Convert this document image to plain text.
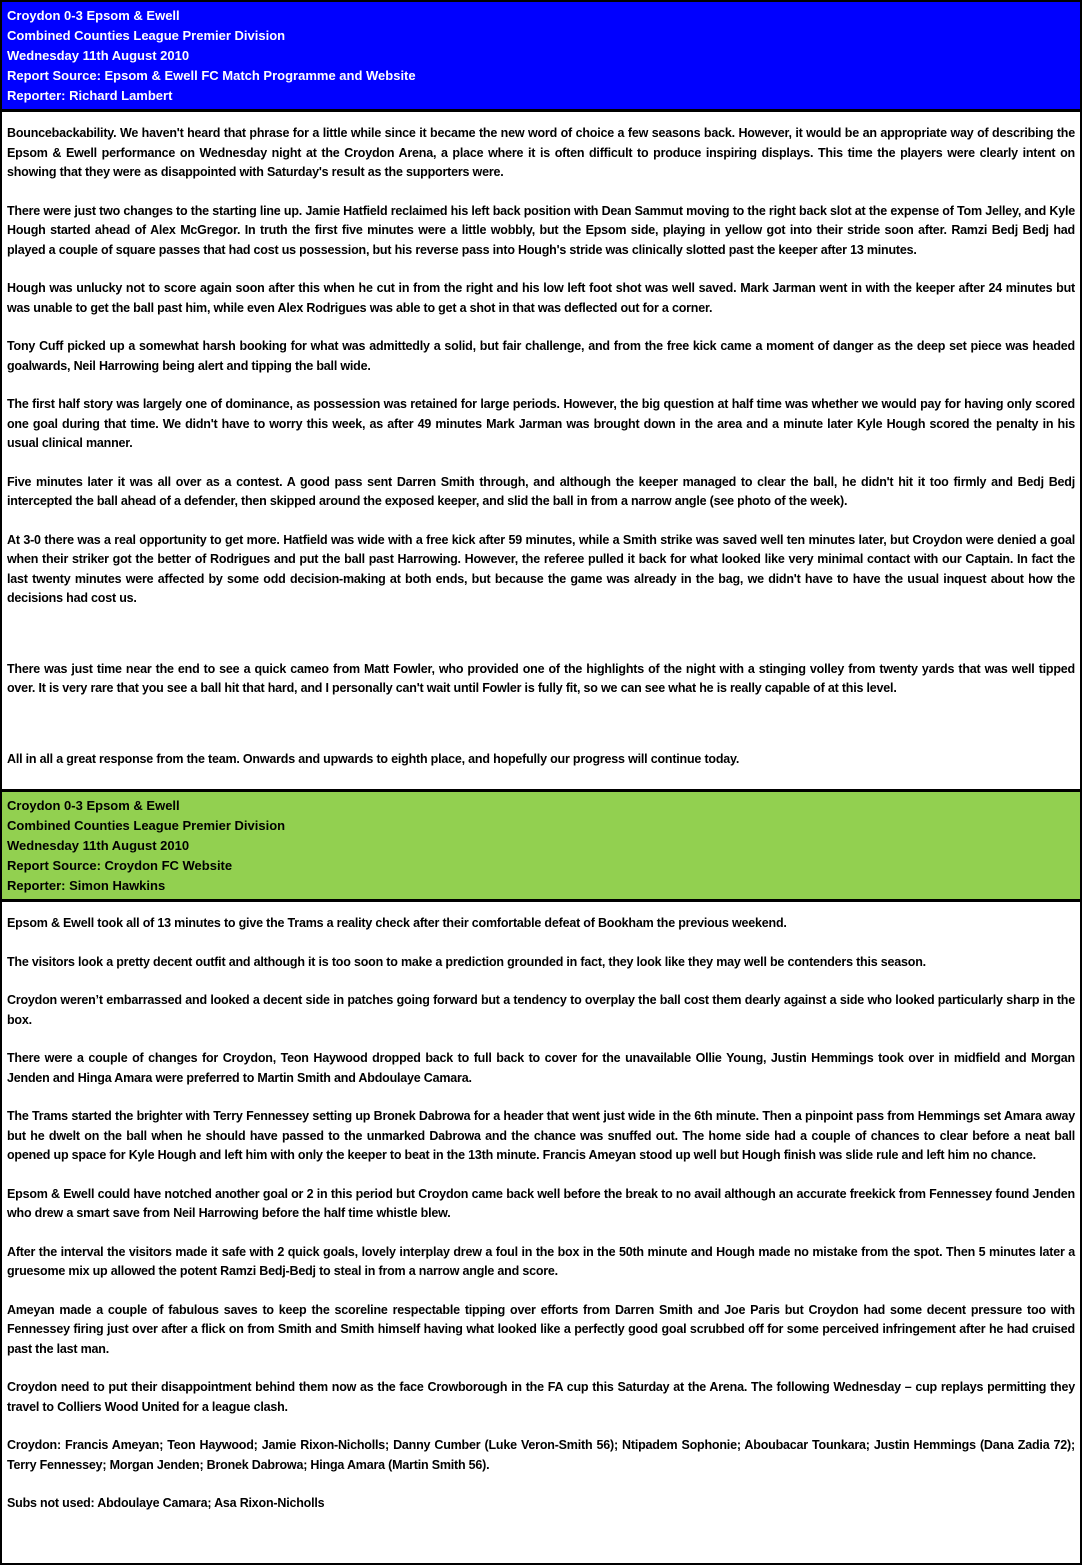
Croydon 0-3 Epsom & Ewell
Combined Counties League Premier Division
Wednesday 11th August 2010
Report Source: Epsom & Ewell FC Match Programme and Website
Reporter: Richard Lambert

Bouncebackability. We haven't heard that phrase for a little while since it became the new word of choice a few seasons back. However, it would be an appropriate way of describing the Epsom & Ewell performance on Wednesday night at the Croydon Arena, a place where it is often difficult to produce inspiring displays. This time the players were clearly intent on showing that they were as disappointed with Saturday's result as the supporters were.

There were just two changes to the starting line up. Jamie Hatfield reclaimed his left back position with Dean Sammut moving to the right back slot at the expense of Tom Jelley, and Kyle Hough started ahead of Alex McGregor. In truth the first five minutes were a little wobbly, but the Epsom side, playing in yellow got into their stride soon after. Ramzi Bedj Bedj had played a couple of square passes that had cost us possession, but his reverse pass into Hough's stride was clinically slotted past the keeper after 13 minutes.

Hough was unlucky not to score again soon after this when he cut in from the right and his low left foot shot was well saved. Mark Jarman went in with the keeper after 24 minutes but was unable to get the ball past him, while even Alex Rodrigues was able to get a shot in that was deflected out for a corner.

Tony Cuff picked up a somewhat harsh booking for what was admittedly a solid, but fair challenge, and from the free kick came a moment of danger as the deep set piece was headed goalwards, Neil Harrowing being alert and tipping the ball wide.

The first half story was largely one of dominance, as possession was retained for large periods. However, the big question at half time was whether we would pay for having only scored one goal during that time. We didn't have to worry this week, as after 49 minutes Mark Jarman was brought down in the area and a minute later Kyle Hough scored the penalty in his usual clinical manner.

Five minutes later it was all over as a contest. A good pass sent Darren Smith through, and although the keeper managed to clear the ball, he didn't hit it too firmly and Bedj Bedj intercepted the ball ahead of a defender, then skipped around the exposed keeper, and slid the ball in from a narrow angle (see photo of the week).

At 3-0 there was a real opportunity to get more. Hatfield was wide with a free kick after 59 minutes, while a Smith strike was saved well ten minutes later, but Croydon were denied a goal when their striker got the better of Rodrigues and put the ball past Harrowing. However, the referee pulled it back for what looked like very minimal contact with our Captain. In fact the last twenty minutes were affected by some odd decision-making at both ends, but because the game was already in the bag, we didn't have to have the usual inquest about how the decisions had cost us.

There was just time near the end to see a quick cameo from Matt Fowler, who provided one of the highlights of the night with a stinging volley from twenty yards that was well tipped over. It is very rare that you see a ball hit that hard, and I personally can't wait until Fowler is fully fit, so we can see what he is really capable of at this level.

All in all a great response from the team. Onwards and upwards to eighth place, and hopefully our progress will continue today.

Croydon 0-3 Epsom & Ewell
Combined Counties League Premier Division
Wednesday 11th August 2010
Report Source: Croydon FC Website
Reporter: Simon Hawkins

Epsom & Ewell took all of 13 minutes to give the Trams a reality check after their comfortable defeat of Bookham the previous weekend.

The visitors look a pretty decent outfit and although it is too soon to make a prediction grounded in fact, they look like they may well be contenders this season.

Croydon weren’t embarrassed and looked a decent side in patches going forward but a tendency to overplay the ball cost them dearly against a side who looked particularly sharp in the box.

There were a couple of changes for Croydon, Teon Haywood dropped back to full back to cover for the unavailable Ollie Young, Justin Hemmings took over in midfield and Morgan Jenden and Hinga Amara were preferred to Martin Smith and Abdoulaye Camara.

The Trams started the brighter with Terry Fennessey setting up Bronek Dabrowa for a header that went just wide in the 6th minute. Then a pinpoint pass from Hemmings set Amara away but he dwelt on the ball when he should have passed to the unmarked Dabrowa and the chance was snuffed out. The home side had a couple of chances to clear before a neat ball opened up space for Kyle Hough and left him with only the keeper to beat in the 13th minute. Francis Ameyan stood up well but Hough finish was slide rule and left him no chance.

Epsom & Ewell could have notched another goal or 2 in this period but Croydon came back well before the break to no avail although an accurate freekick from Fennessey found Jenden who drew a smart save from Neil Harrowing before the half time whistle blew.

After the interval the visitors made it safe with 2 quick goals, lovely interplay drew a foul in the box in the 50th minute and Hough made no mistake from the spot. Then 5 minutes later a gruesome mix up allowed the potent Ramzi Bedj-Bedj to steal in from a narrow angle and score.

Ameyan made a couple of fabulous saves to keep the scoreline respectable tipping over efforts from Darren Smith and Joe Paris but Croydon had some decent pressure too with Fennessey firing just over after a flick on from Smith and Smith himself having what looked like a perfectly good goal scrubbed off for some perceived infringement after he had cruised past the last man.

Croydon need to put their disappointment behind them now as the face Crowborough in the FA cup this Saturday at the Arena. The following Wednesday – cup replays permitting they travel to Colliers Wood United for a league clash.

Croydon: Francis Ameyan; Teon Haywood; Jamie Rixon-Nicholls; Danny Cumber (Luke Veron-Smith 56); Ntipadem Sophonie; Aboubacar Tounkara; Justin Hemmings (Dana Zadia 72); Terry Fennessey; Morgan Jenden; Bronek Dabrowa; Hinga Amara (Martin Smith 56).

Subs not used: Abdoulaye Camara; Asa Rixon-Nicholls
